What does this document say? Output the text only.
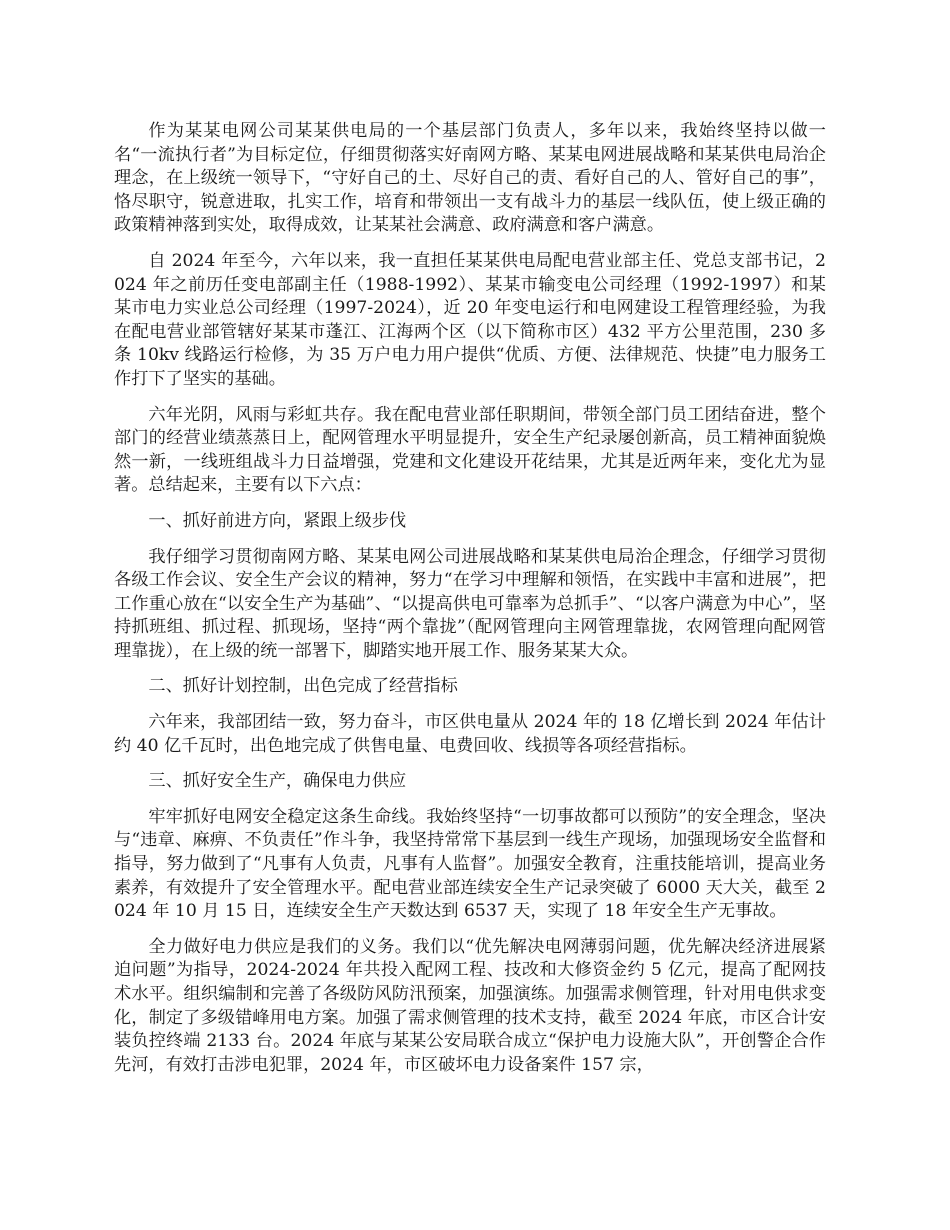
作为某某电网公司某某供电局的一个基层部门负责人，多年以来，我始终坚持以做一名“一流执行者”为目标定位，仔细贯彻落实好南网方略、某某电网进展战略和某某供电局治企理念，在上级统一领导下，“守好自己的土、尽好自己的责、看好自己的人、管好自己的事”，恪尽职守，锐意进取，扎实工作，培育和带领出一支有战斗力的基层一线队伍，使上级正确的政策精神落到实处，取得成效，让某某社会满意、政府满意和客户满意。

自 2024 年至今，六年以来，我一直担任某某供电局配电营业部主任、党总支部书记，2024 年之前历任变电部副主任（1988-1992）、某某市输变电公司经理（1992-1997）和某某市电力实业总公司经理（1997-2024），近 20 年变电运行和电网建设工程管理经验，为我在配电营业部管辖好某某市蓬江、江海两个区（以下简称市区）432 平方公里范围，230 多条 10kv 线路运行检修，为 35 万户电力用户提供“优质、方便、法律规范、快捷”电力服务工作打下了坚实的基础。

六年光阴，风雨与彩虹共存。我在配电营业部任职期间，带领全部门员工团结奋进，整个部门的经营业绩蒸蒸日上，配网管理水平明显提升，安全生产纪录屡创新高，员工精神面貌焕然一新，一线班组战斗力日益增强，党建和文化建设开花结果，尤其是近两年来，变化尤为显著。总结起来，主要有以下六点：

一、抓好前进方向，紧跟上级步伐

我仔细学习贯彻南网方略、某某电网公司进展战略和某某供电局治企理念，仔细学习贯彻各级工作会议、安全生产会议的精神，努力“在学习中理解和领悟，在实践中丰富和进展”，把工作重心放在“以安全生产为基础”、“以提高供电可靠率为总抓手”、“以客户满意为中心”，坚持抓班组、抓过程、抓现场，坚持“两个靠拢”（配网管理向主网管理靠拢，农网管理向配网管理靠拢），在上级的统一部署下，脚踏实地开展工作、服务某某大众。

二、抓好计划控制，出色完成了经营指标

六年来，我部团结一致，努力奋斗，市区供电量从 2024 年的 18 亿增长到 2024 年估计约 40 亿千瓦时，出色地完成了供售电量、电费回收、线损等各项经营指标。

三、抓好安全生产，确保电力供应

牢牢抓好电网安全稳定这条生命线。我始终坚持“一切事故都可以预防”的安全理念，坚决与“违章、麻痹、不负责任”作斗争，我坚持常常下基层到一线生产现场，加强现场安全监督和指导，努力做到了“凡事有人负责，凡事有人监督”。加强安全教育，注重技能培训，提高业务素养，有效提升了安全管理水平。配电营业部连续安全生产记录突破了 6000 天大关，截至 2024 年 10 月 15 日，连续安全生产天数达到 6537 天，实现了 18 年安全生产无事故。

全力做好电力供应是我们的义务。我们以“优先解决电网薄弱问题，优先解决经济进展紧迫问题”为指导，2024-2024 年共投入配网工程、技改和大修资金约 5 亿元，提高了配网技术水平。组织编制和完善了各级防风防汛预案，加强演练。加强需求侧管理，针对用电供求变化，制定了多级错峰用电方案。加强了需求侧管理的技术支持，截至 2024 年底，市区合计安装负控终端 2133 台。2024 年底与某某公安局联合成立“保护电力设施大队”，开创警企合作先河，有效打击涉电犯罪，2024 年，市区破坏电力设备案件 157 宗，
